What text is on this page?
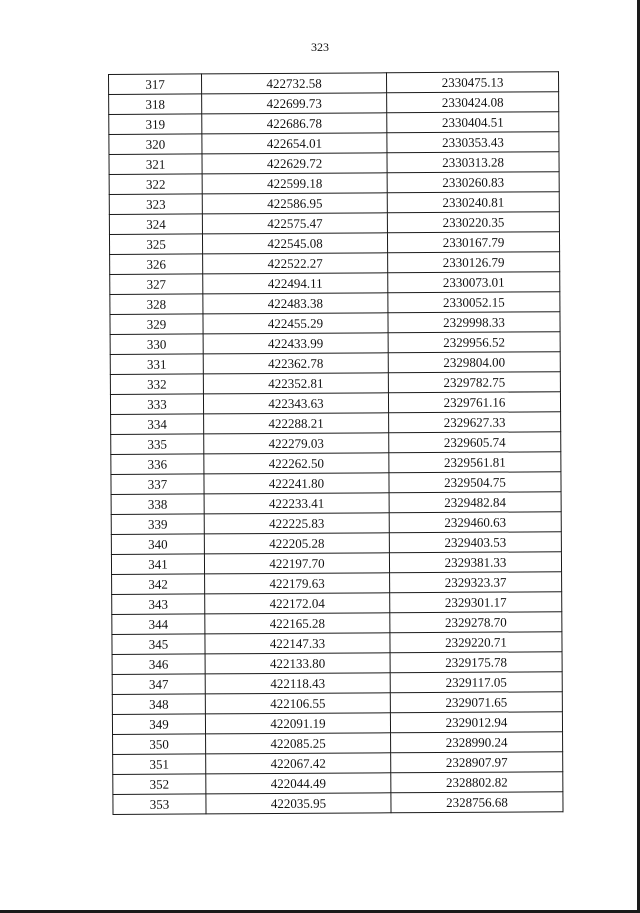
323
317	422732.58	2330475.13
318	422699.73	2330424.08
319	422686.78	2330404.51
320	422654.01	2330353.43
321	422629.72	2330313.28
322	422599.18	2330260.83
323	422586.95	2330240.81
324	422575.47	2330220.35
325	422545.08	2330167.79
326	422522.27	2330126.79
327	422494.11	2330073.01
328	422483.38	2330052.15
329	422455.29	2329998.33
330	422433.99	2329956.52
331	422362.78	2329804.00
332	422352.81	2329782.75
333	422343.63	2329761.16
334	422288.21	2329627.33
335	422279.03	2329605.74
336	422262.50	2329561.81
337	422241.80	2329504.75
338	422233.41	2329482.84
339	422225.83	2329460.63
340	422205.28	2329403.53
341	422197.70	2329381.33
342	422179.63	2329323.37
343	422172.04	2329301.17
344	422165.28	2329278.70
345	422147.33	2329220.71
346	422133.80	2329175.78
347	422118.43	2329117.05
348	422106.55	2329071.65
349	422091.19	2329012.94
350	422085.25	2328990.24
351	422067.42	2328907.97
352	422044.49	2328802.82
353	422035.95	2328756.68
